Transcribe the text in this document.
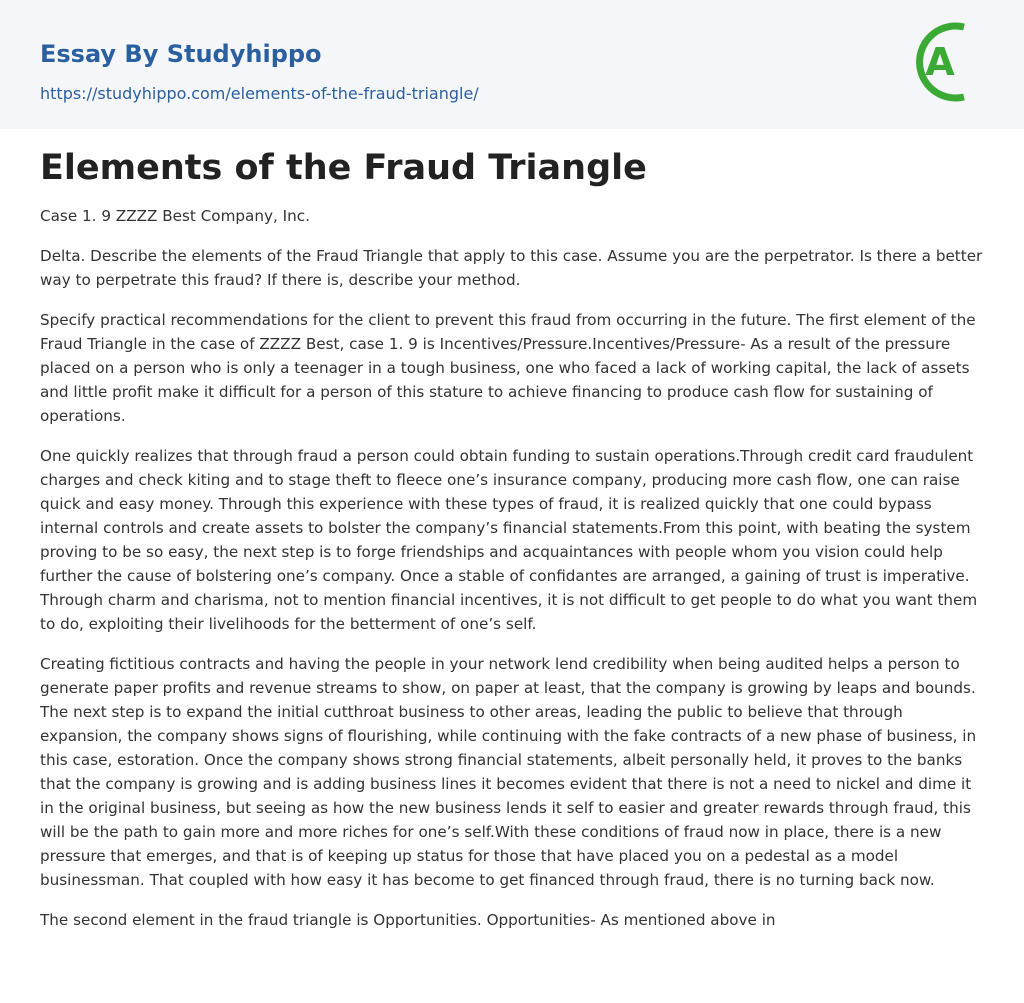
Essay By Studyhippo
https://studyhippo.com/elements-of-the-fraud-triangle/
A
Elements of the Fraud Triangle

Case 1. 9 ZZZZ Best Company, Inc.

Delta. Describe the elements of the Fraud Triangle that apply to this case. Assume you are the perpetrator. Is there a better way to perpetrate this fraud? If there is, describe your method.

Specify practical recommendations for the client to prevent this fraud from occurring in the future. The first element of the Fraud Triangle in the case of ZZZZ Best, case 1. 9 is Incentives/Pressure.Incentives/Pressure- As a result of the pressure placed on a person who is only a teenager in a tough business, one who faced a lack of working capital, the lack of assets and little profit make it difficult for a person of this stature to achieve financing to produce cash flow for sustaining of operations.

One quickly realizes that through fraud a person could obtain funding to sustain operations.Through credit card fraudulent charges and check kiting and to stage theft to fleece one’s insurance company, producing more cash flow, one can raise quick and easy money. Through this experience with these types of fraud, it is realized quickly that one could bypass internal controls and create assets to bolster the company’s financial statements.From this point, with beating the system proving to be so easy, the next step is to forge friendships and acquaintances with people whom you vision could help further the cause of bolstering one’s company. Once a stable of confidantes are arranged, a gaining of trust is imperative. Through charm and charisma, not to mention financial incentives, it is not difficult to get people to do what you want them to do, exploiting their livelihoods for the betterment of one’s self.

Creating fictitious contracts and having the people in your network lend credibility when being audited helps a person to generate paper profits and revenue streams to show, on paper at least, that the company is growing by leaps and bounds. The next step is to expand the initial cutthroat business to other areas, leading the public to believe that through expansion, the company shows signs of flourishing, while continuing with the fake contracts of a new phase of business, in this case, estoration. Once the company shows strong financial statements, albeit personally held, it proves to the banks that the company is growing and is adding business lines it becomes evident that there is not a need to nickel and dime it in the original business, but seeing as how the new business lends it self to easier and greater rewards through fraud, this will be the path to gain more and more riches for one’s self.With these conditions of fraud now in place, there is a new pressure that emerges, and that is of keeping up status for those that have placed you on a pedestal as a model businessman. That coupled with how easy it has become to get financed through fraud, there is no turning back now.

The second element in the fraud triangle is Opportunities. Opportunities- As mentioned above in
